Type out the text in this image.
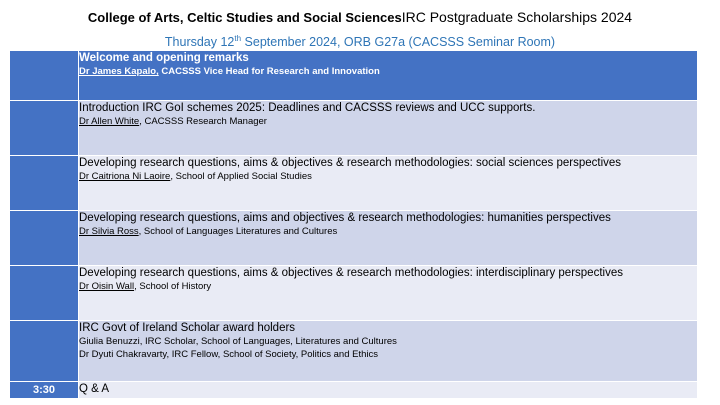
College of Arts, Celtic Studies and Social SciencesIRC Postgraduate Scholarships 2024
Thursday 12th September 2024, ORB G27a (CACSSS Seminar Room)

	Welcome and opening remarks
Dr James Kapalo, CACSSS Vice Head for Research and Innovation

	Introduction IRC GoI schemes 2025: Deadlines and CACSSS reviews and UCC supports.
Dr Allen White, CACSSS Research Manager

	Developing research questions, aims & objectives & research methodologies: social sciences perspectives
Dr Caitriona Ni Laoire, School of Applied Social Studies

	Developing research questions, aims and objectives & research methodologies: humanities perspectives
Dr Silvia Ross, School of Languages Literatures and Cultures

	Developing research questions, aims & objectives & research methodologies: interdisciplinary perspectives
Dr Oisin Wall, School of History

	IRC Govt of Ireland Scholar award holders
Giulia Benuzzi, IRC Scholar, School of Languages, Literatures and Cultures
Dr Dyuti Chakravarty, IRC Fellow, School of Society, Politics and Ethics

3:30	Q & A
